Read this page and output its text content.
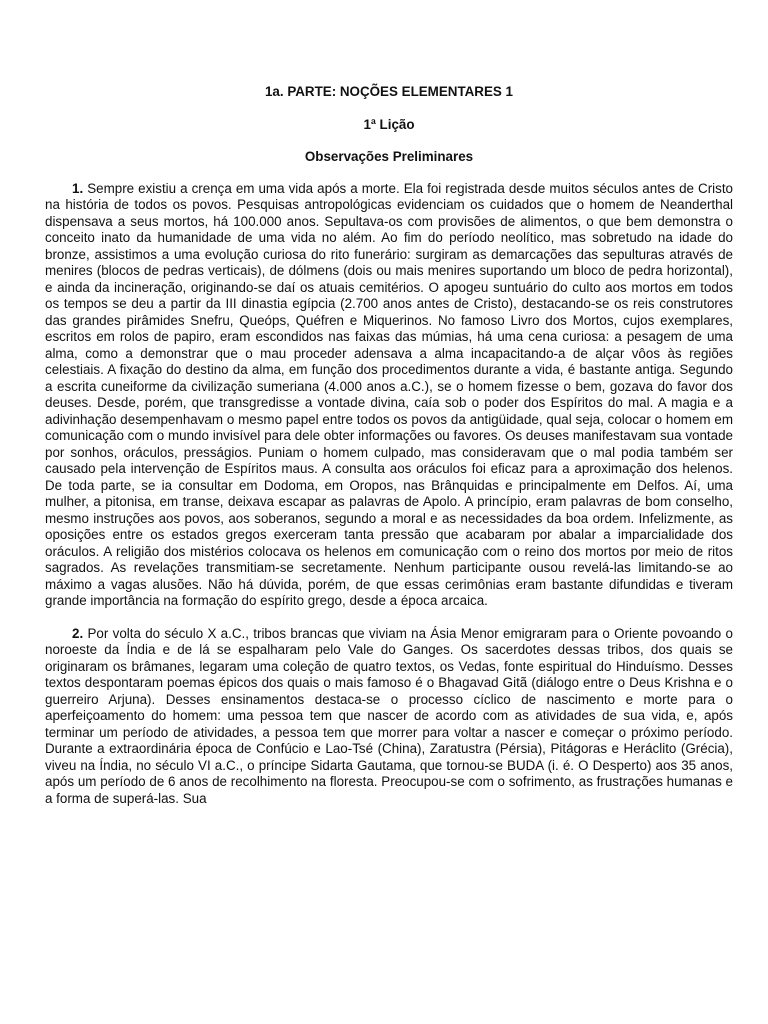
1a. PARTE: NOÇÕES ELEMENTARES 1

1ª Lição

Observações Preliminares

1. Sempre existiu a crença em uma vida após a morte. Ela foi registrada desde muitos séculos antes de Cristo na história de todos os povos. Pesquisas antropológicas evidenciam os cuidados que o homem de Neanderthal dispensava a seus mortos, há 100.000 anos. Sepultava-os com provisões de alimentos, o que bem demonstra o conceito inato da humanidade de uma vida no além. Ao fim do período neolítico, mas sobretudo na idade do bronze, assistimos a uma evolução curiosa do rito funerário: surgiram as demarcações das sepulturas através de menires (blocos de pedras verticais), de dólmens (dois ou mais menires suportando um bloco de pedra horizontal), e ainda da incineração, originando-se daí os atuais cemitérios. O apogeu suntuário do culto aos mortos em todos os tempos se deu a partir da III dinastia egípcia (2.700 anos antes de Cristo), destacando-se os reis construtores das grandes pirâmides Snefru, Queóps, Quéfren e Miquerinos. No famoso Livro dos Mortos, cujos exemplares, escritos em rolos de papiro, eram escondidos nas faixas das múmias, há uma cena curiosa: a pesagem de uma alma, como a demonstrar que o mau proceder adensava a alma incapacitando-a de alçar vôos às regiões celestiais. A fixação do destino da alma, em função dos procedimentos durante a vida, é bastante antiga. Segundo a escrita cuneiforme da civilização sumeriana (4.000 anos a.C.), se o homem fizesse o bem, gozava do favor dos deuses. Desde, porém, que transgredisse a vontade divina, caía sob o poder dos Espíritos do mal. A magia e a adivinhação desempenhavam o mesmo papel entre todos os povos da antigüidade, qual seja, colocar o homem em comunicação com o mundo invisível para dele obter informações ou favores. Os deuses manifestavam sua vontade por sonhos, oráculos, presságios. Puniam o homem culpado, mas consideravam que o mal podia também ser causado pela intervenção de Espíritos maus. A consulta aos oráculos foi eficaz para a aproximação dos helenos. De toda parte, se ia consultar em Dodoma, em Oropos, nas Brânquidas e principalmente em Delfos. Aí, uma mulher, a pitonisa, em transe, deixava escapar as palavras de Apolo. A princípio, eram palavras de bom conselho, mesmo instruções aos povos, aos soberanos, segundo a moral e as necessidades da boa ordem. Infelizmente, as oposições entre os estados gregos exerceram tanta pressão que acabaram por abalar a imparcialidade dos oráculos. A religião dos mistérios colocava os helenos em comunicação com o reino dos mortos por meio de ritos sagrados. As revelações transmitiam-se secretamente. Nenhum participante ousou revelá-las limitando-se ao máximo a vagas alusões. Não há dúvida, porém, de que essas cerimônias eram bastante difundidas e tiveram grande importância na formação do espírito grego, desde a época arcaica.

2. Por volta do século X a.C., tribos brancas que viviam na Ásia Menor emigraram para o Oriente povoando o noroeste da Índia e de lá se espalharam pelo Vale do Ganges. Os sacerdotes dessas tribos, dos quais se originaram os brâmanes, legaram uma coleção de quatro textos, os Vedas, fonte espiritual do Hinduísmo. Desses textos despontaram poemas épicos dos quais o mais famoso é o Bhagavad Gitã (diálogo entre o Deus Krishna e o guerreiro Arjuna). Desses ensinamentos destaca-se o processo cíclico de nascimento e morte para o aperfeiçoamento do homem: uma pessoa tem que nascer de acordo com as atividades de sua vida, e, após terminar um período de atividades, a pessoa tem que morrer para voltar a nascer e começar o próximo período. Durante a extraordinária época de Confúcio e Lao-Tsé (China), Zaratustra (Pérsia), Pitágoras e Heráclito (Grécia), viveu na Índia, no século VI a.C., o príncipe Sidarta Gautama, que tornou-se BUDA (i. é. O Desperto) aos 35 anos, após um período de 6 anos de recolhimento na floresta. Preocupou-se com o sofrimento, as frustrações humanas e a forma de superá-las. Sua
